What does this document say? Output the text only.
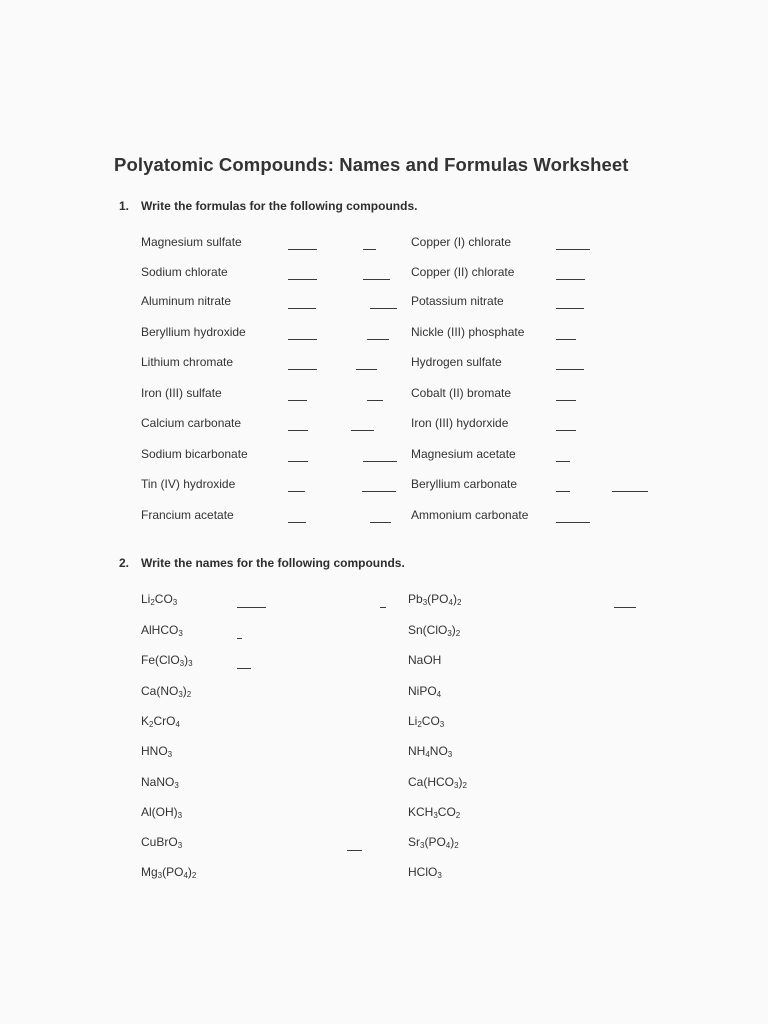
Polyatomic Compounds: Names and Formulas Worksheet
1. Write the formulas for the following compounds.
Magnesium sulfate	Copper (I) chlorate
Sodium chlorate	Copper (II) chlorate
Aluminum nitrate	Potassium nitrate
Beryllium hydroxide	Nickle (III) phosphate
Lithium chromate	Hydrogen sulfate
Iron (III) sulfate	Cobalt (II) bromate
Calcium carbonate	Iron (III) hydorxide
Sodium bicarbonate	Magnesium acetate
Tin (IV) hydroxide	Beryllium carbonate
Francium acetate	Ammonium carbonate
2. Write the names for the following compounds.
$Li_2CO_3$	$Pb_3(PO_4)_2$
AlHCO$_3$	$Sn(ClO_3)_2$
$Fe(ClO_3)_3$	NaOH
$Ca(NO_3)_2$	NiPO$_4$
$K_2CrO_4$	$Li_2CO_3$
$HNO_3$	$NH_4NO_3$
NaNO$_3$	$Ca(HCO_3)_2$
$Al(OH)_3$	$KCH_3CO_2$
CuBrO$_3$	$Sr_3(PO_4)_2$
$Mg_3(PO_4)_2$	HClO$_3$
